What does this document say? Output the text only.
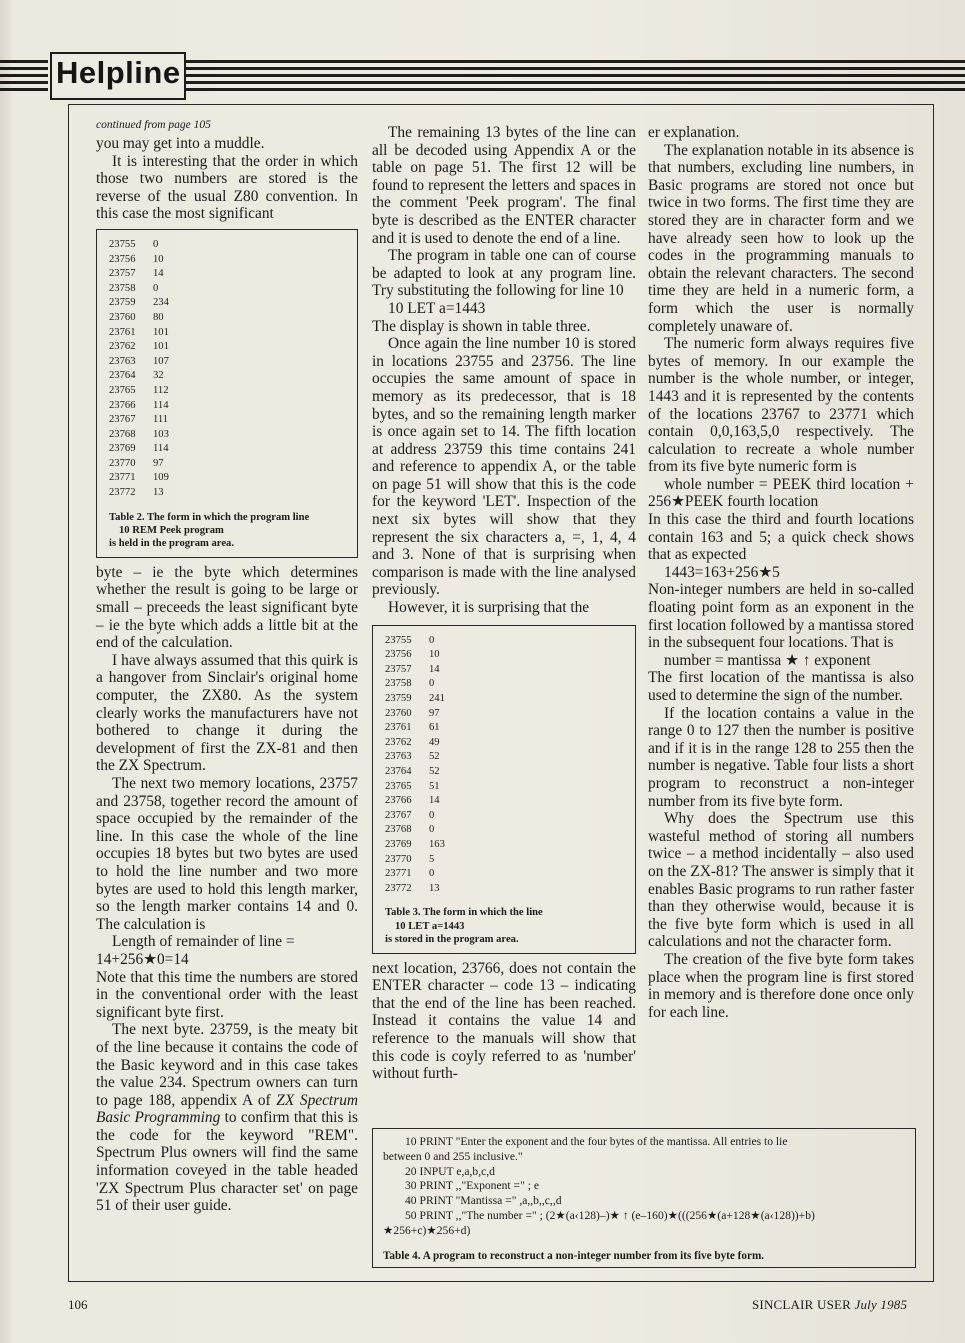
Helpline

continued from page 105

you may get into a muddle.

It is interesting that the order in which those two numbers are stored is the reverse of the usual Z80 convention. In this case the most significant

23755	0
23756	10
23757	14
23758	0
23759	234
23760	80
23761	101
23762	101
23763	107
23764	32
23765	112
23766	114
23767	111
23768	103
23769	114
23770	97
23771	109
23772	13
Table 2. The form in which the program line
10 REM Peek program
is held in the program area.

byte – ie the byte which determines whether the result is going to be large or small – preceeds the least significant byte – ie the byte which adds a little bit at the end of the calculation.

I have always assumed that this quirk is a hangover from Sinclair's original home computer, the ZX80. As the system clearly works the manufacturers have not bothered to change it during the development of first the ZX-81 and then the ZX Spectrum.

The next two memory locations, 23757 and 23758, together record the amount of space occupied by the remainder of the line. In this case the whole of the line occupies 18 bytes but two bytes are used to hold the line number and two more bytes are used to hold this length marker, so the length marker contains 14 and 0. The calculation is

Length of remainder of line =

14+256★0=14

Note that this time the numbers are stored in the conventional order with the least significant byte first.

The next byte. 23759, is the meaty bit of the line because it contains the code of the Basic keyword and in this case takes the value 234. Spectrum owners can turn to page 188, appendix A of ZX Spectrum Basic Programming to confirm that this is the code for the keyword "REM". Spectrum Plus owners will find the same information coveyed in the table headed 'ZX Spectrum Plus character set' on page 51 of their user guide.

The remaining 13 bytes of the line can all be decoded using Appendix A or the table on page 51. The first 12 will be found to represent the letters and spaces in the comment 'Peek program'. The final byte is described as the ENTER character and it is used to denote the end of a line.

The program in table one can of course be adapted to look at any program line. Try substituting the following for line 10

10 LET a=1443

The display is shown in table three.

Once again the line number 10 is stored in locations 23755 and 23756. The line occupies the same amount of space in memory as its predecessor, that is 18 bytes, and so the remaining length marker is once again set to 14. The fifth location at address 23759 this time contains 241 and reference to appendix A, or the table on page 51 will show that this is the code for the keyword 'LET'. Inspection of the next six bytes will show that they represent the six characters a, =, 1, 4, 4 and 3. None of that is surprising when comparison is made with the line analysed previously.

However, it is surprising that the

23755	0
23756	10
23757	14
23758	0
23759	241
23760	97
23761	61
23762	49
23763	52
23764	52
23765	51
23766	14
23767	0
23768	0
23769	163
23770	5
23771	0
23772	13
Table 3. The form in which the line
10 LET a=1443
is stored in the program area.

next location, 23766, does not contain the ENTER character – code 13 – indicating that the end of the line has been reached. Instead it contains the value 14 and reference to the manuals will show that this code is coyly referred to as 'number' without furth-

er explanation.

The explanation notable in its absence is that numbers, excluding line numbers, in Basic programs are stored not once but twice in two forms. The first time they are stored they are in character form and we have already seen how to look up the codes in the programming manuals to obtain the relevant characters. The second time they are held in a numeric form, a form which the user is normally completely unaware of.

The numeric form always requires five bytes of memory. In our example the number is the whole number, or integer, 1443 and it is represented by the contents of the locations 23767 to 23771 which contain 0,0,163,5,0 respectively. The calculation to recreate a whole number from its five byte numeric form is

whole number = PEEK third location + 256★PEEK fourth location

In this case the third and fourth locations contain 163 and 5; a quick check shows that as expected

1443=163+256★5

Non-integer numbers are held in so-called floating point form as an exponent in the first location followed by a mantissa stored in the subsequent four locations. That is

number = mantissa ★ ↑ exponent

The first location of the mantissa is also used to determine the sign of the number.

If the location contains a value in the range 0 to 127 then the number is positive and if it is in the range 128 to 255 then the number is negative. Table four lists a short program to reconstruct a non-integer number from its five byte form.

Why does the Spectrum use this wasteful method of storing all numbers twice – a method incidentally – also used on the ZX-81? The answer is simply that it enables Basic programs to run rather faster than they otherwise would, because it is the five byte form which is used in all calculations and not the character form.

The creation of the five byte form takes place when the program line is first stored in memory and is therefore done once only for each line.

10 PRINT "Enter the exponent and the four bytes of the mantissa. All entries to lie
between 0 and 255 inclusive."
20 INPUT e,a,b,c,d
30 PRINT ,,"Exponent =" ; e
40 PRINT "Mantissa =" ,a,,b,,c,,d
50 PRINT ,,"The number =" ; (2★(a‹128)–)★ ↑ (e–160)★(((256★(a+128★(a‹128))+b)
★256+c)★256+d)
Table 4. A program to reconstruct a non-integer number from its five byte form.
106	SINCLAIR USER July 1985
